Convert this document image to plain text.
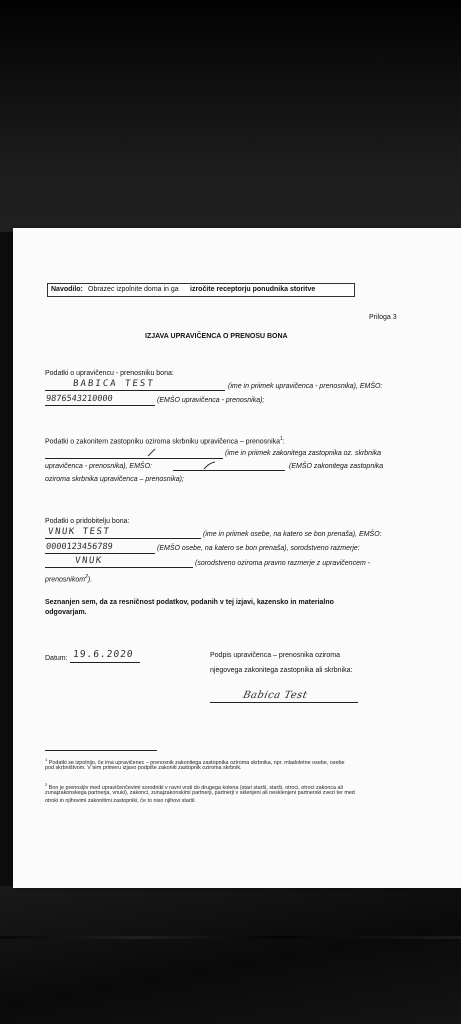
Navodilo: Obrazec izpolnite doma in ga izročite receptorju ponudnika storitve
Priloga 3
IZJAVA UPRAVIČENCA O PRENOSU BONA
Podatki o upravičencu - prenosniku bona:
BABICA TEST	(ime in priimek upravičenca - prenosnika), EMŠO:
9876543210000	(EMŠO upravičenca - prenosnika);
Podatki o zakonitem zastopniku oziroma skrbniku upravičenca – prenosnika$^1$:
(ime in priimek zakonitega zastopnika oz. skrbnika
upravičenca - prenosnika), EMŠO:	(EMŠO zakonitega zastopnika
oziroma skrbnika upravičenca – prenosnika);
Podatki o pridobitelju bona:
VNUK TEST	(ime in priimek osebe, na katero se bon prenaša), EMŠO:
0000123456789	(EMŠO osebe, na katero se bon prenaša), sorodstveno razmerje:
VNUK	(sorodstveno oziroma pravno razmerje z upravičencem -
prenosnikom$^2$).
Seznanjen sem, da za resničnost podatkov, podanih v tej izjavi, kazensko in materialno
odgovarjam.
Datum: 19.6.2020	Podpis upravičenca – prenosnika oziroma
njegovega zakonitega zastopnika ali skrbnika:
Babica Test
$^1$ Podatki se izpolnijo, če ima upravičenec – prenosnik zakonitega zastopnika oziroma skrbnika, npr. mladoletne osebe, osebe
pod skrbništvom. V tem primeru izjavo podpiše zakoniti zastopnik oziroma skrbnik.
$^2$ Bon je prenosljiv med upravičenčevimi sorodniki v ravni vrsti do drugega kolena (stari starši, starši, otroci, otroci zakonca ali
zunajzakonskega partnerja, vnuki), zakonci, zunajzakonskimi partnerji, partnerji v sklenjeni ali nesklenjeni partnerski zvezi ter med
otroki in njihovimi zakonitimi zastopniki, če to niso njihovi starši.
